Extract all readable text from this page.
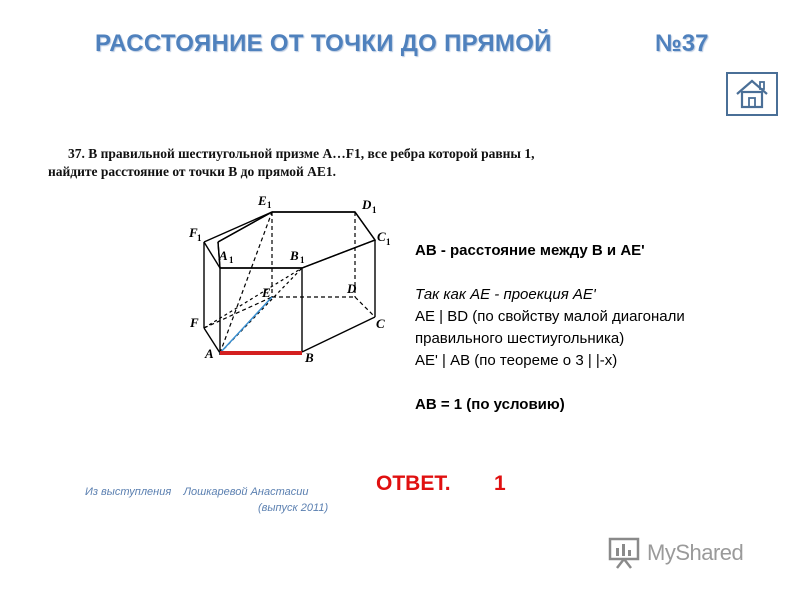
РАССТОЯНИЕ ОТ ТОЧКИ ДО ПРЯМОЙ	№37
37. В правильной шестиугольной призме A…F1, все ребра которой равны 1, найдите расстояние от точки B до прямой AE1.
E 1	D 1
F 1	C 1
A 1	B 1
E	D
F	C
A	B
АВ - расстояние между В и АЕ'
Так как АЕ - проекция АЕ'
АЕ | BD (по свойству малой диагонали
правильного шестиугольника)
АЕ' | АВ (по теореме о 3 | |-х)
АВ = 1 (по условию)
ОТВЕТ. 1
Из выступления    Лошкаревой Анастасии
(выпуск 2011)
MyShared
